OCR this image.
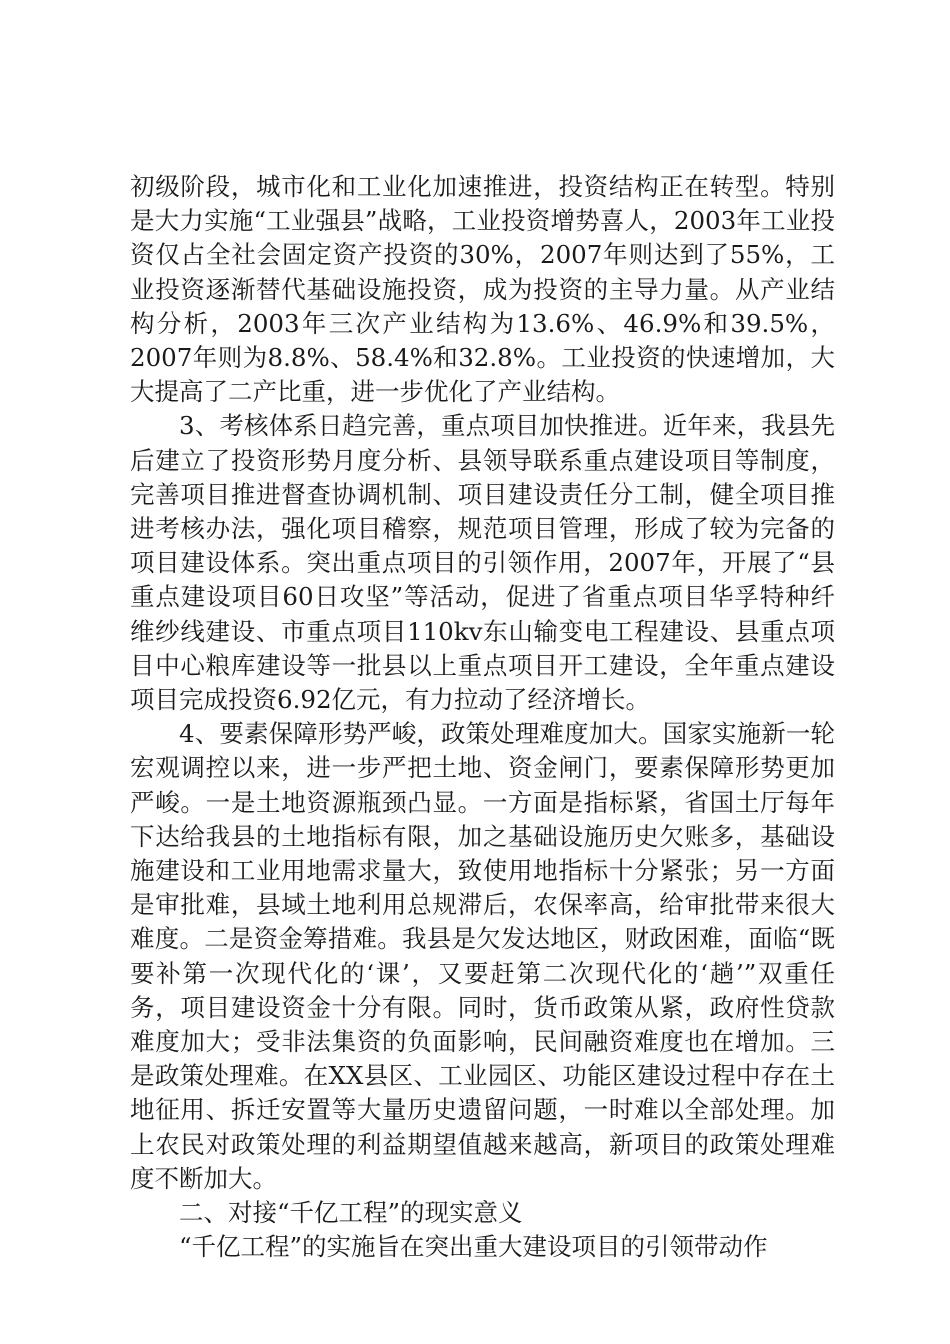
初级阶段，城市化和工业化加速推进，投资结构正在转型。特别是大力实施“工业强县”战略，工业投资增势喜人，2003年工业投资仅占全社会固定资产投资的30%，2007年则达到了55%，工业投资逐渐替代基础设施投资，成为投资的主导力量。从产业结构分析，2003年三次产业结构为13.6%、46.9%和39.5%，2007年则为8.8%、58.4%和32.8%。工业投资的快速增加，大大提高了二产比重，进一步优化了产业结构。

3、考核体系日趋完善，重点项目加快推进。近年来，我县先后建立了投资形势月度分析、县领导联系重点建设项目等制度，完善项目推进督查协调机制、项目建设责任分工制，健全项目推进考核办法，强化项目稽察，规范项目管理，形成了较为完备的项目建设体系。突出重点项目的引领作用，2007年，开展了“县重点建设项目60日攻坚”等活动，促进了省重点项目华孚特种纤维纱线建设、市重点项目110kv东山输变电工程建设、县重点项目中心粮库建设等一批县以上重点项目开工建设，全年重点建设项目完成投资6.92亿元，有力拉动了经济增长。

4、要素保障形势严峻，政策处理难度加大。国家实施新一轮宏观调控以来，进一步严把土地、资金闸门，要素保障形势更加严峻。一是土地资源瓶颈凸显。一方面是指标紧，省国土厅每年下达给我县的土地指标有限，加之基础设施历史欠账多，基础设施建设和工业用地需求量大，致使用地指标十分紧张；另一方面是审批难，县域土地利用总规滞后，农保率高，给审批带来很大难度。二是资金筹措难。我县是欠发达地区，财政困难，面临“既要补第一次现代化的‘课’，又要赶第二次现代化的‘趟’”双重任务，项目建设资金十分有限。同时，货币政策从紧，政府性贷款难度加大；受非法集资的负面影响，民间融资难度也在增加。三是政策处理难。在XX县区、工业园区、功能区建设过程中存在土地征用、拆迁安置等大量历史遗留问题，一时难以全部处理。加上农民对政策处理的利益期望值越来越高，新项目的政策处理难度不断加大。

二、对接“千亿工程”的现实意义

“千亿工程”的实施旨在突出重大建设项目的引领带动作
